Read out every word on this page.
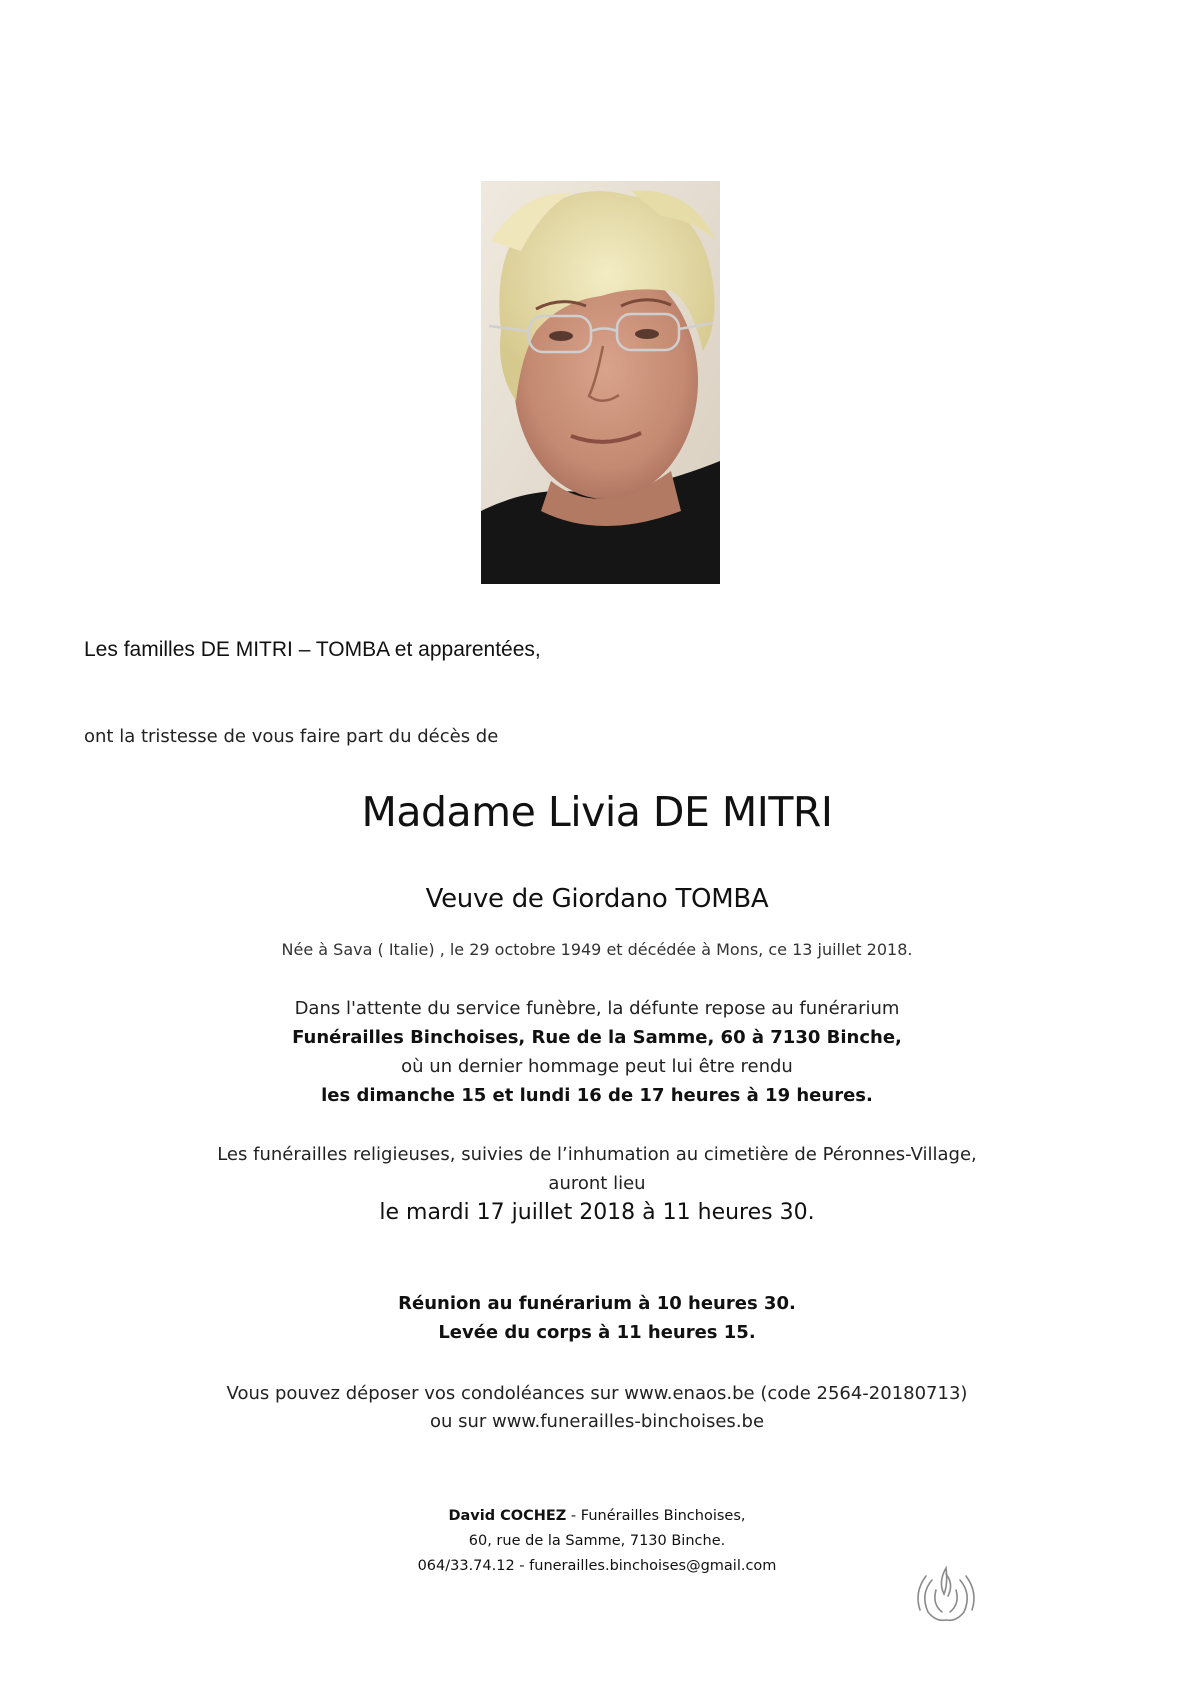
Les familles DE MITRI – TOMBA et apparentées,
ont la tristesse de vous faire part du décès de
Madame Livia DE MITRI
Veuve de Giordano TOMBA
Née à Sava ( Italie) , le 29 octobre 1949 et décédée à Mons, ce 13 juillet 2018.
Dans l'attente du service funèbre, la défunte repose au funérarium
Funérailles Binchoises, Rue de la Samme, 60 à 7130 Binche,
où un dernier hommage peut lui être rendu
les dimanche 15 et lundi 16 de 17 heures à 19 heures.
Les funérailles religieuses, suivies de l’inhumation au cimetière de Péronnes-Village,
auront lieu
le mardi 17 juillet 2018 à 11 heures 30.
Réunion au funérarium à 10 heures 30.
Levée du corps à 11 heures 15.
Vous pouvez déposer vos condoléances sur www.enaos.be (code 2564-20180713)
ou sur www.funerailles-binchoises.be
David COCHEZ - Funérailles Binchoises,
60, rue de la Samme, 7130 Binche.
064/33.74.12 - funerailles.binchoises@gmail.com
